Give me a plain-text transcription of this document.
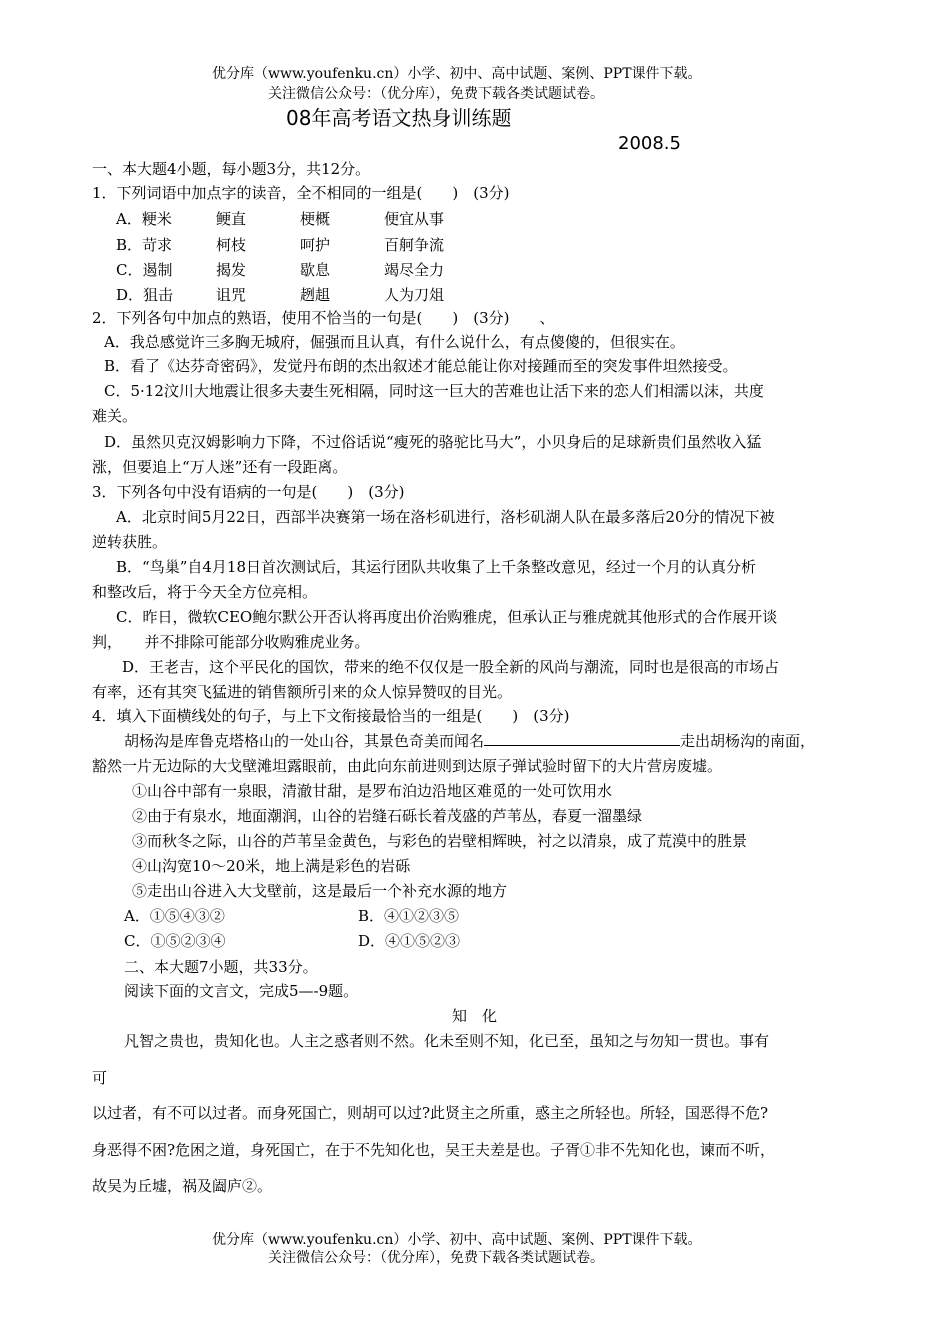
优分库（www.youfenku.cn）小学、初中、高中试题、案例、PPT课件下载。
关注微信公众号：（优分库），免费下载各类试题试卷。
08年高考语文热身训练题
2008.5
一、本大题4小题，每小题3分，共12分。
1．下列词语中加点字的读音，全不相同的一组是(　　)　(3分)
A．粳米	鲠直	梗概	便宜从事
B．苛求	柯枝	呵护	百舸争流
C．遏制	揭发	歇息	竭尽全力
D．狙击	诅咒	趔趄	人为刀俎
2．下列各句中加点的熟语，使用不恰当的一句是(　　)　(3分)　　、
A．我总感觉许三多胸无城府，倔强而且认真，有什么说什么，有点傻傻的，但很实在。
B．看了《达芬奇密码》，发觉丹布朗的杰出叙述才能总能让你对接踵而至的突发事件坦然接受。
C．5·12汶川大地震让很多夫妻生死相隔，同时这一巨大的苦难也让活下来的恋人们相濡以沫，共度
难关。
D．虽然贝克汉姆影响力下降，不过俗话说“瘦死的骆驼比马大”，小贝身后的足球新贵们虽然收入猛
涨，但要追上“万人迷”还有一段距离。
3．下列各句中没有语病的一句是(　　)　(3分)
A．北京时间5月22日，西部半决赛第一场在洛杉矶进行，洛杉矶湖人队在最多落后20分的情况下被
逆转获胜。
B．“鸟巢”自4月18日首次测试后，其运行团队共收集了上千条整改意见，经过一个月的认真分析
和整改后，将于今天全方位亮相。
C．昨日，微软CEO鲍尔默公开否认将再度出价治购雅虎，但承认正与雅虎就其他形式的合作展开谈
判，　　并不排除可能部分收购雅虎业务。
D．王老吉，这个平民化的国饮，带来的绝不仅仅是一股全新的风尚与潮流，同时也是很高的市场占
有率，还有其突飞猛进的销售额所引来的众人惊异赞叹的目光。
4．填入下面横线处的句子，与上下文衔接最恰当的一组是(　　)　(3分)
胡杨沟是库鲁克塔格山的一处山谷，其景色奇美而闻名	走出胡杨沟的南面，
豁然一片无边际的大戈壁滩坦露眼前，由此向东前进则到达原子弹试验时留下的大片营房废墟。
①山谷中部有一泉眼，清澈甘甜，是罗布泊边沿地区难觅的一处可饮用水
②由于有泉水，地面潮润，山谷的岩缝石砾长着茂盛的芦苇丛，春夏一溜墨绿
③而秋冬之际，山谷的芦苇呈金黄色，与彩色的岩壁相辉映，衬之以清泉，成了荒漠中的胜景
④山沟宽10～20米，地上满是彩色的岩砾
⑤走出山谷进入大戈壁前，这是最后一个补充水源的地方
A．①⑤④③②	B．④①②③⑤
C．①⑤②③④	D．④①⑤②③
二、本大题7小题，共33分。
阅读下面的文言文，完成5—-9题。
知　化
凡智之贵也，贵知化也。人主之惑者则不然。化未至则不知，化已至，虽知之与勿知一贯也。事有
可
以过者，有不可以过者。而身死国亡，则胡可以过?此贤主之所重，惑主之所轻也。所轻，国恶得不危?
身恶得不困?危困之道，身死国亡，在于不先知化也，吴王夫差是也。子胥①非不先知化也，谏而不听，
故吴为丘墟，祸及阖庐②。
优分库（www.youfenku.cn）小学、初中、高中试题、案例、PPT课件下载。
关注微信公众号：（优分库），免费下载各类试题试卷。
